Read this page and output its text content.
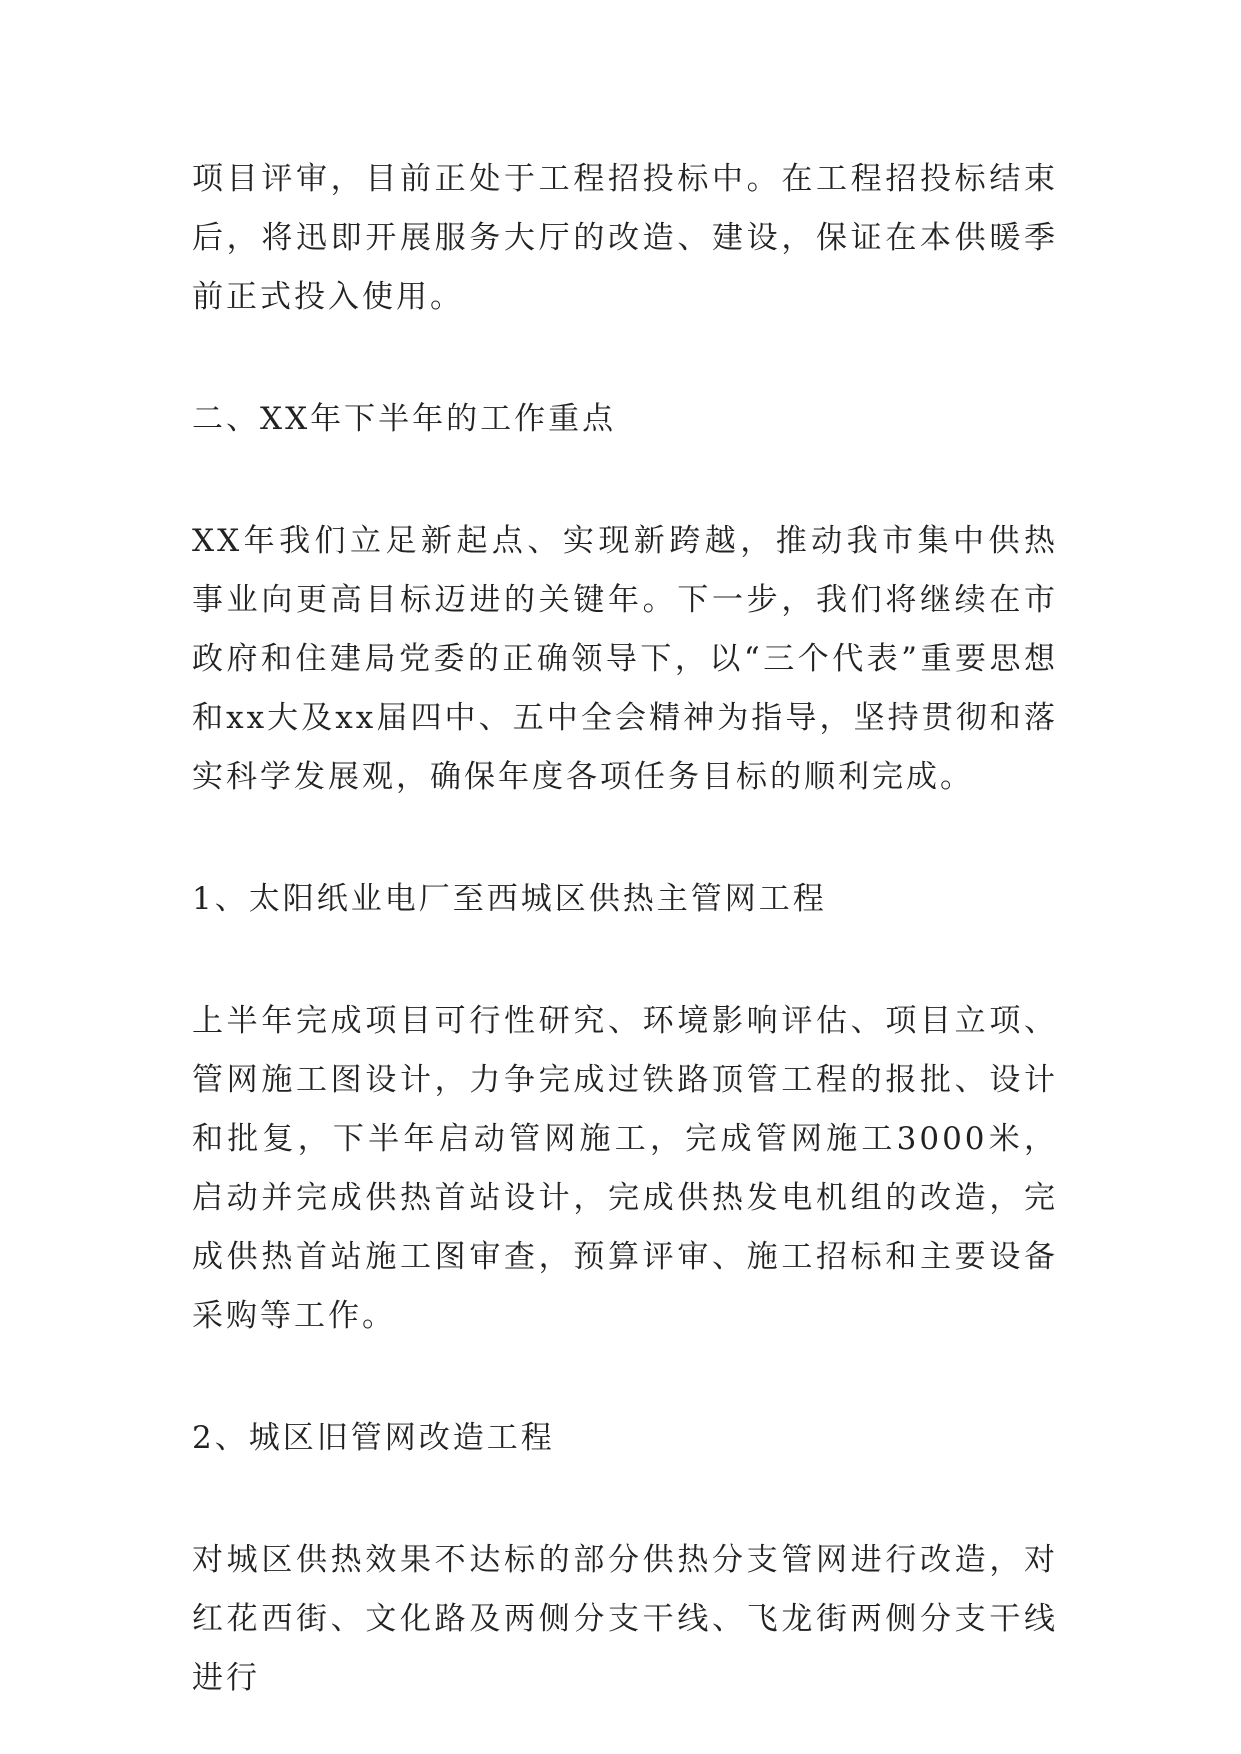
项目评审，目前正处于工程招投标中。在工程招投标结束后，将迅即开展服务大厅的改造、建设，保证在本供暖季前正式投入使用。

二、XX年下半年的工作重点

XX年我们立足新起点、实现新跨越，推动我市集中供热事业向更高目标迈进的关键年。下一步，我们将继续在市政府和住建局党委的正确领导下，以“三个代表”重要思想和xx大及xx届四中、五中全会精神为指导，坚持贯彻和落实科学发展观，确保年度各项任务目标的顺利完成。

1、太阳纸业电厂至西城区供热主管网工程

上半年完成项目可行性研究、环境影响评估、项目立项、管网施工图设计，力争完成过铁路顶管工程的报批、设计和批复，下半年启动管网施工，完成管网施工3000米，启动并完成供热首站设计，完成供热发电机组的改造，完成供热首站施工图审查，预算评审、施工招标和主要设备采购等工作。

2、城区旧管网改造工程

对城区供热效果不达标的部分供热分支管网进行改造，对红花西街、文化路及两侧分支干线、飞龙街两侧分支干线进行
